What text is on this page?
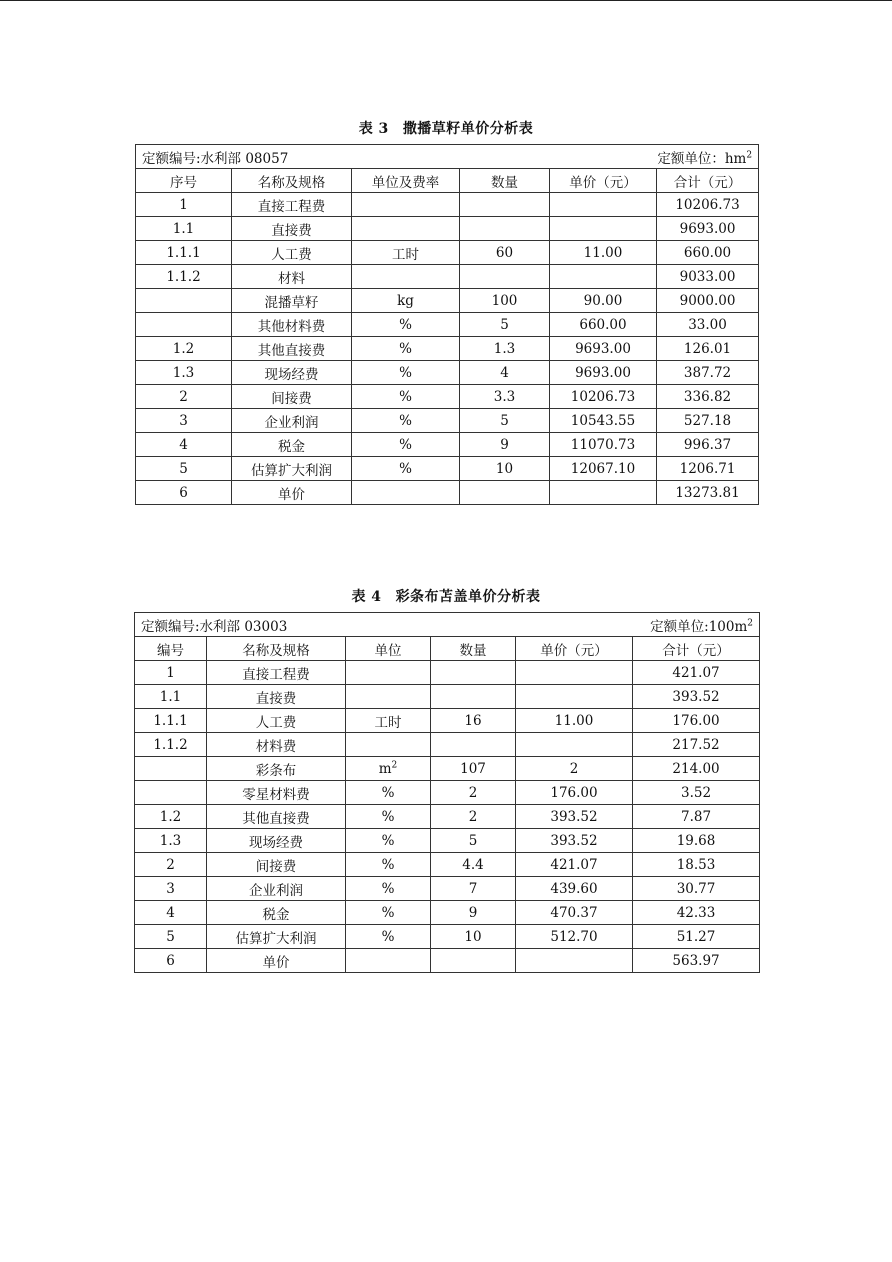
表 3 撒播草籽单价分析表
定额编号:水利部 08057 定额单位：$hm^2$

序号	名称及规格	单位及费率	数量	单价（元）	合计（元）
1	直接工程费				10206.73
1.1	直接费				9693.00
1.1.1	人工费	工时	60	11.00	660.00
1.1.2	材料				9033.00
	混播草籽	kg	100	90.00	9000.00
	其他材料费	%	5	660.00	33.00
1.2	其他直接费	%	1.3	9693.00	126.01
1.3	现场经费	%	4	9693.00	387.72
2	间接费	%	3.3	10206.73	336.82
3	企业利润	%	5	10543.55	527.18
4	税金	%	9	11070.73	996.37
5	估算扩大利润	%	10	12067.10	1206.71
6	单价				13273.81
表 4 彩条布苫盖单价分析表
定额编号:水利部 03003 定额单位$:100m^2$

编号	名称及规格	单位	数量	单价（元）	合计（元）
1	直接工程费				421.07
1.1	直接费				393.52
1.1.1	人工费	工时	16	11.00	176.00
1.1.2	材料费				217.52
	彩条布	$m^2$	107	2	214.00
	零星材料费	%	2	176.00	3.52
1.2	其他直接费	%	2	393.52	7.87
1.3	现场经费	%	5	393.52	19.68
2	间接费	%	4.4	421.07	18.53
3	企业利润	%	7	439.60	30.77
4	税金	%	9	470.37	42.33
5	估算扩大利润	%	10	512.70	51.27
6	单价				563.97
